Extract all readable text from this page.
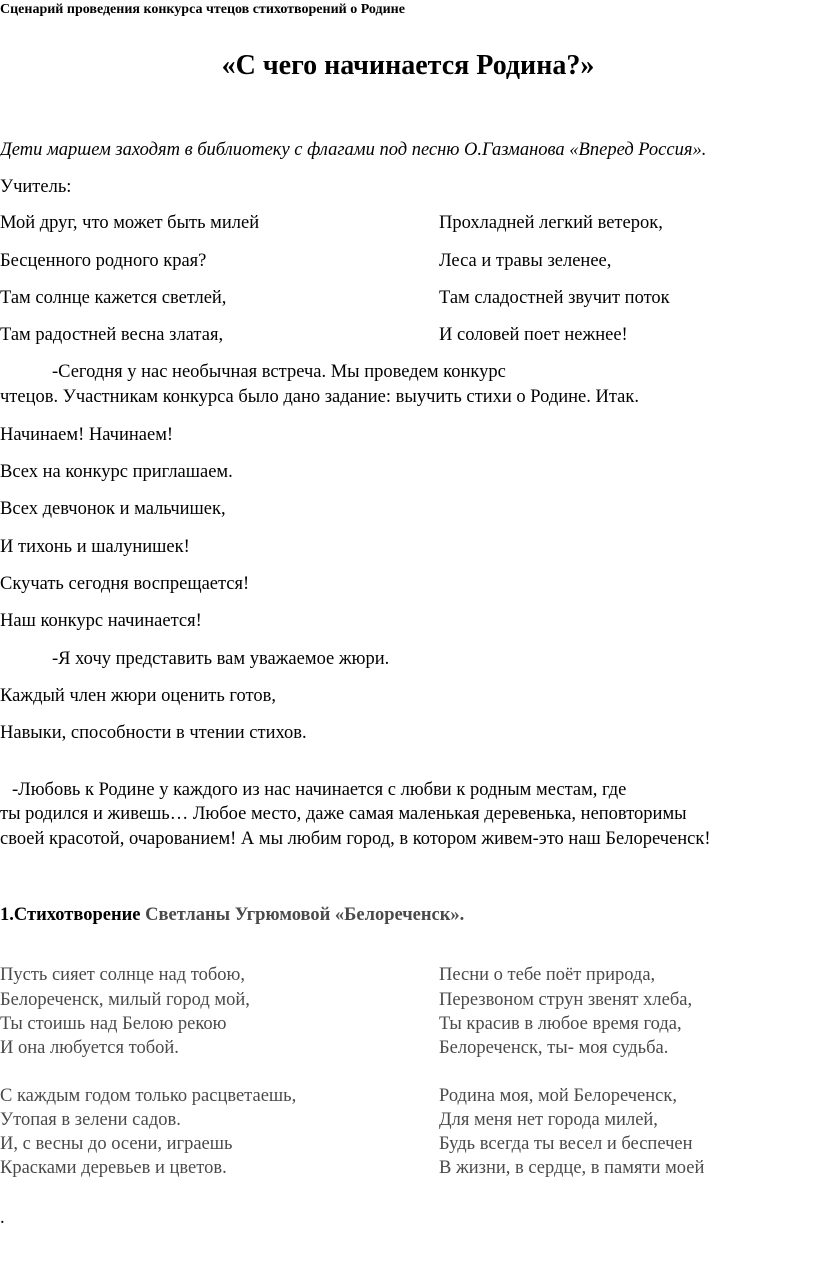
Сценарий проведения конкурса чтецов стихотворений о Родине
«С чего начинается Родина?»
Дети маршем заходят в библиотеку с флагами под песню О.Газманова «Вперед Россия».
Учитель:
Мой друг, что может быть милей
Бесценного родного края?
Там солнце кажется светлей,
Там радостней весна златая,
Прохладней легкий ветерок,
Леса и травы зеленее,
Там сладостней звучит поток
И соловей поет нежнее!
-Сегодня у нас необычная встреча. Мы проведем конкурс
чтецов. Участникам конкурса было дано задание: выучить стихи о Родине. Итак.
Начинаем! Начинаем!
Всех на конкурс приглашаем.
Всех девчонок и мальчишек,
И тихонь и шалунишек!
Скучать сегодня воспрещается!
Наш конкурс начинается!
-Я хочу представить вам уважаемое жюри.
Каждый член жюри оценить готов,
Навыки, способности в чтении стихов.
-Любовь к Родине у каждого из нас начинается с любви к родным местам, где
ты родился и живешь… Любое место, даже самая маленькая деревенька, неповторимы
своей красотой, очарованием! А мы любим город, в котором живем-это наш Белореченск!
1.Стихотворение Светланы Угрюмовой «Белореченск».
Пусть сияет солнце над тобою,
Белореченск, милый город мой,
Ты стоишь над Белою рекою
И она любуется тобой.
Песни о тебе поёт природа,
Перезвоном струн звенят хлеба,
Ты красив в любое время года,
Белореченск, ты- моя судьба.
С каждым годом только расцветаешь,
Утопая в зелени садов.
И, с весны до осени, играешь
Красками деревьев и цветов.
Родина моя, мой Белореченск,
Для меня нет города милей,
Будь всегда ты весел и беспечен
В жизни, в сердце, в памяти моей
.
